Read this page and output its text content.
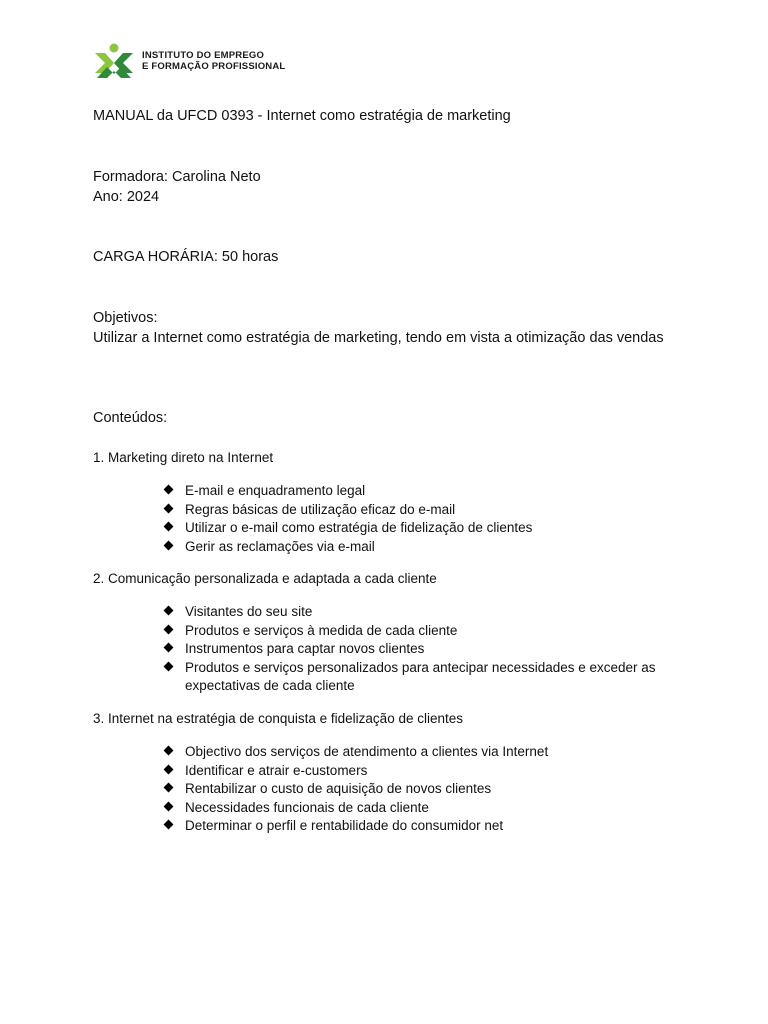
INSTITUTO DO EMPREGO
E FORMAÇÃO PROFISSIONAL
MANUAL da UFCD 0393 - Internet como estratégia de marketing
Formadora: Carolina Neto
Ano: 2024
CARGA HORÁRIA: 50 horas
Objetivos:
Utilizar a Internet como estratégia de marketing, tendo em vista a otimização das vendas
Conteúdos:
1. Marketing direto na Internet
E-mail e enquadramento legal
Regras básicas de utilização eficaz do e-mail
Utilizar o e-mail como estratégia de fidelização de clientes
Gerir as reclamações via e-mail
2. Comunicação personalizada e adaptada a cada cliente
Visitantes do seu site
Produtos e serviços à medida de cada cliente
Instrumentos para captar novos clientes
Produtos e serviços personalizados para antecipar necessidades e exceder as expectativas de cada cliente
3. Internet na estratégia de conquista e fidelização de clientes
Objectivo dos serviços de atendimento a clientes via Internet
Identificar e atrair e-customers
Rentabilizar o custo de aquisição de novos clientes
Necessidades funcionais de cada cliente
Determinar o perfil e rentabilidade do consumidor net
